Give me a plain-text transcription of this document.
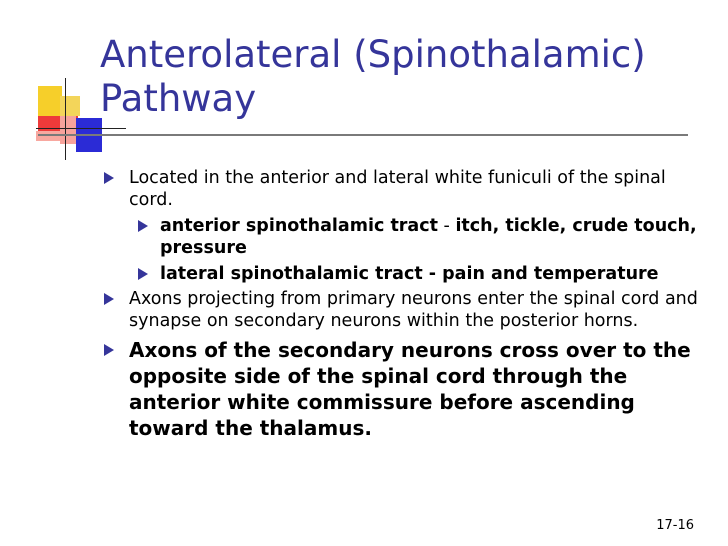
Anterolateral (Spinothalamic) Pathway

Located in the anterior and lateral white funiculi of the spinal cord.

anterior spinothalamic tract - itch, tickle, crude touch, pressure

lateral spinothalamic tract - pain and temperature

Axons projecting from primary neurons enter the spinal cord and synapse on secondary neurons within the posterior horns.

Axons of the secondary neurons cross over to the opposite side of the spinal cord through the anterior white commissure before ascending toward the thalamus.

17-16
